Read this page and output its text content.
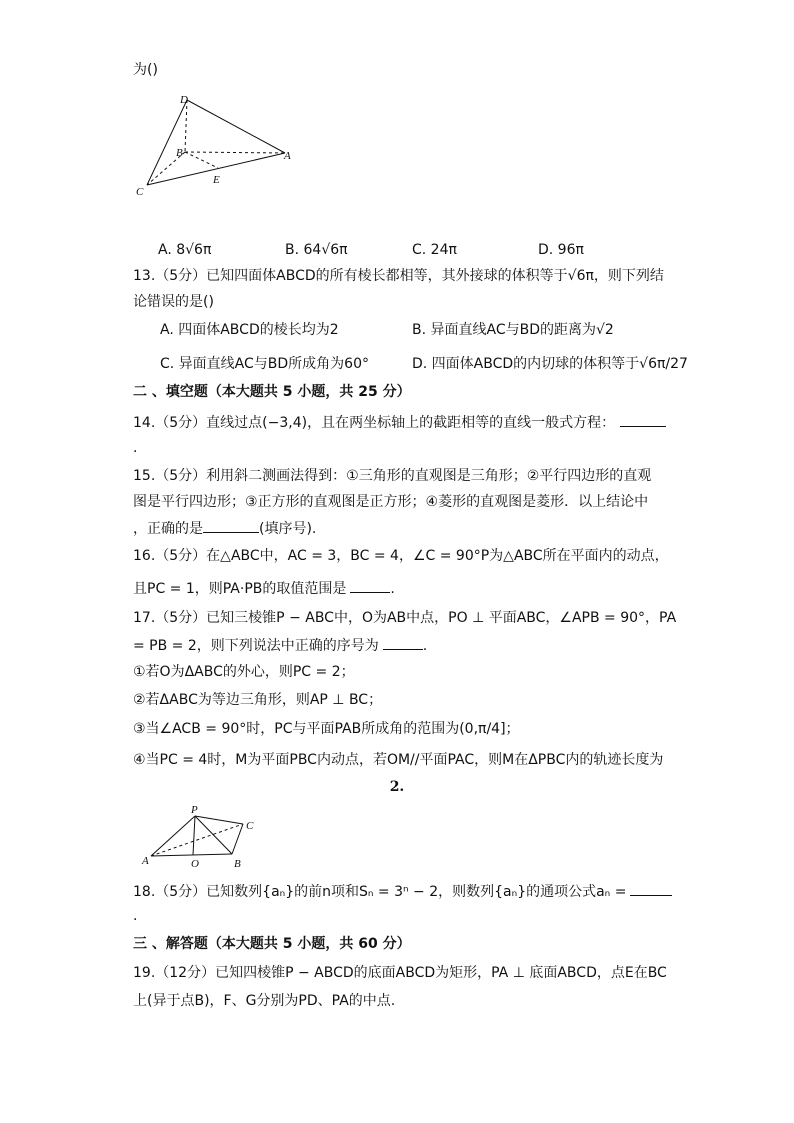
为()
D
B	A
C
E
A. 8√6π	B. 64√6π	C. 24π	D. 96π
13.（5分）已知四面体ABCD的所有棱长都相等，其外接球的体积等于√6π，则下列结
论错误的是()
A. 四面体ABCD的棱长均为2	B. 异面直线AC与BD的距离为√2
C. 异面直线AC与BD所成角为60°	D. 四面体ABCD的内切球的体积等于√6π/27
二 、填空题（本大题共 5 小题，共 25 分）
14.（5分）直线过点(−3,4)，且在两坐标轴上的截距相等的直线一般式方程：
.
15.（5分）利用斜二测画法得到：①三角形的直观图是三角形；②平行四边形的直观
图是平行四边形；③正方形的直观图是正方形；④菱形的直观图是菱形．以上结论中
，正确的是	(填序号).
16.（5分）在△ABC中，AC = 3，BC = 4，∠C = 90°P为△ABC所在平面内的动点，
且PC = 1，则PA·PB的取值范围是	.
17.（5分）已知三棱锥P − ABC中，O为AB中点，PO ⊥ 平面ABC，∠APB = 90°，PA
= PB = 2，则下列说法中正确的序号为	.
①若O为ΔABC的外心，则PC = 2；
②若ΔABC为等边三角形，则AP ⊥ BC；
③当∠ACB = 90°时，PC与平面PAB所成角的范围为(0,π/4]；
④当PC = 4时，M为平面PBC内动点，若OM//平面PAC，则M在ΔPBC内的轨迹长度为
2.
P
C
A	O	B
18.（5分）已知数列{aₙ}的前n项和Sₙ = 3ⁿ − 2，则数列{aₙ}的通项公式aₙ =
.
三 、解答题（本大题共 5 小题，共 60 分）
19.（12分）已知四棱锥P − ABCD的底面ABCD为矩形，PA ⊥ 底面ABCD，点E在BC
上(异于点B)，F、G分别为PD、PA的中点.
